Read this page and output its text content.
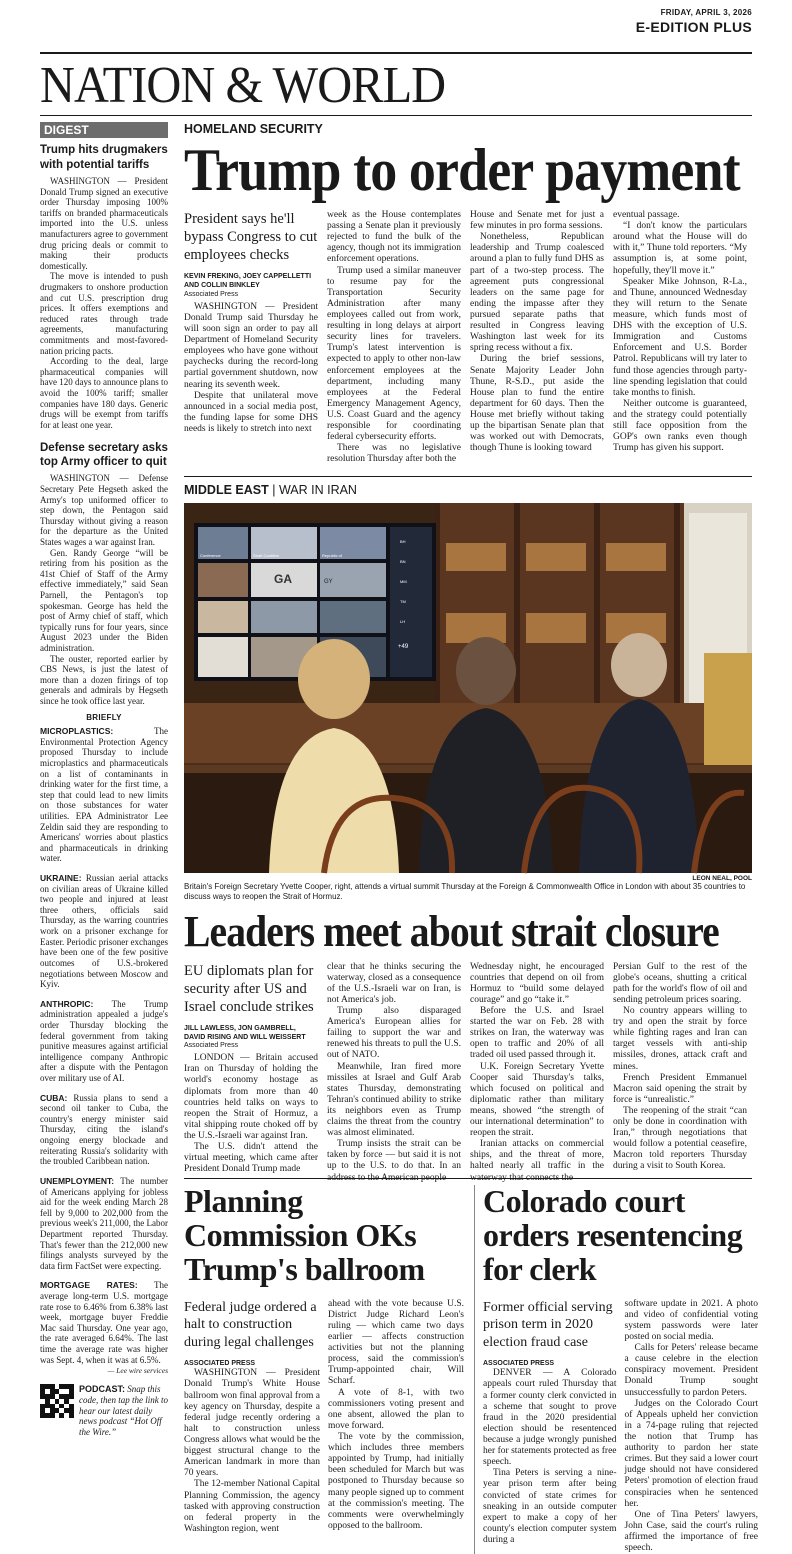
FRIDAY, APRIL 3, 2026
E-EDITION PLUS
NATION & WORLD
DIGEST
Trump hits drugmakers with potential tariffs

WASHINGTON — President Donald Trump signed an executive order Thursday imposing 100% tariffs on branded pharmaceuticals imported into the U.S. unless manufacturers agree to government drug pricing deals or commit to making their products domestically.

The move is intended to push drugmakers to onshore production and cut U.S. prescription drug prices. It offers exemptions and reduced rates through trade agreements, manufacturing commitments and most-favored-nation pricing pacts.

According to the deal, large pharmaceutical companies will have 120 days to announce plans to avoid the 100% tariff; smaller companies have 180 days. Generic drugs will be exempt from tariffs for at least one year.

Defense secretary asks top Army officer to quit

WASHINGTON — Defense Secretary Pete Hegseth asked the Army's top uniformed officer to step down, the Pentagon said Thursday without giving a reason for the departure as the United States wages a war against Iran.

Gen. Randy George “will be retiring from his position as the 41st Chief of Staff of the Army effective immediately,” said Sean Parnell, the Pentagon's top spokesman. George has held the post of Army chief of staff, which typically runs for four years, since August 2023 under the Biden administration.

The ouster, reported earlier by CBS News, is just the latest of more than a dozen firings of top generals and admirals by Hegseth since he took office last year.

BRIEFLY

MICROPLASTICS:	The Environmental Protection Agency proposed Thursday to include microplastics and pharmaceuticals on a list of contaminants in drinking water for the first time, a step that could lead to new limits on those substances for water utilities. EPA Administrator Lee Zeldin said they are responding to Americans' worries about plastics and pharmaceuticals in drinking water.

UKRAINE: Russian aerial attacks on civilian areas of Ukraine killed two people and injured at least three others, officials said Thursday, as the warring countries work on a prisoner exchange for Easter. Periodic prisoner exchanges have been one of the few positive outcomes of U.S.-brokered negotiations between Moscow and Kyiv.

ANTHROPIC: The Trump administration appealed a judge's order Thursday blocking the federal government from taking punitive measures against artificial intelligence company Anthropic after a dispute with the Pentagon over military use of AI.

CUBA: Russia plans to send a second oil tanker to Cuba, the country's energy minister said Thursday, citing the island's ongoing energy blockade and reiterating Russia's solidarity with the troubled Caribbean nation.

UNEMPLOYMENT: The number of Americans applying for jobless aid for the week ending March 28 fell by 9,000 to 202,000 from the previous week's 211,000, the Labor Department reported Thursday. That's fewer than the 212,000 new filings analysts surveyed by the data firm FactSet were expecting.

MORTGAGE RATES: The average long-term U.S. mortgage rate rose to 6.46% from 6.38% last week, mortgage buyer Freddie Mac said Thursday. One year ago, the rate averaged 6.64%. The last time the average rate was higher was Sept. 4, when it was at 6.5%.

— Lee wire services
PODCAST: Snap this code, then tap the link to hear our latest daily news podcast “Hot Off the Wire.”
HOMELAND SECURITY
Trump to order payment
President says he'll bypass Congress to cut employees checks
KEVIN FREKING, JOEY CAPPELLETTI AND COLLIN BINKLEY
Associated Press

WASHINGTON — President Donald Trump said Thursday he will soon sign an order to pay all Department of Homeland Security employees who have gone without paychecks during the record-long partial government shutdown, now nearing its seventh week.

Despite that unilateral move announced in a social media post, the funding lapse for some DHS needs is likely to stretch into next

week as the House contemplates passing a Senate plan it previously rejected to fund the bulk of the agency, though not its immigration enforcement operations.

Trump used a similar maneuver to resume pay for the Transportation Security Administration after many employees called out from work, resulting in long delays at airport security lines for travelers. Trump's latest intervention is expected to apply to other non-law enforcement employees at the department, including many employees at the Federal Emergency Management Agency, U.S. Coast Guard and the agency responsible for coordinating federal cybersecurity efforts.

There was no legislative resolution Thursday after both the

House and Senate met for just a few minutes in pro forma sessions.

Nonetheless, Republican leadership and Trump coalesced around a plan to fully fund DHS as part of a two-step process. The agreement puts congressional leaders on the same page for ending the impasse after they pursued separate paths that resulted in Congress leaving Washington last week for its spring recess without a fix.

During the brief sessions, Senate Majority Leader John Thune, R-S.D., put aside the House plan to fund the entire department for 60 days. Then the House met briefly without taking up the bipartisan Senate plan that was worked out with Democrats, though Thune is looking toward

eventual passage.

“I don't know the particulars around what the House will do with it,” Thune told reporters. “My assumption is, at some point, hopefully, they'll move it.”

Speaker Mike Johnson, R-La., and Thune, announced Wednesday they will return to the Senate measure, which funds most of DHS with the exception of U.S. Immigration and Customs Enforcement and U.S. Border Patrol. Republicans will try later to fund those agencies through party-line spending legislation that could take months to finish.

Neither outcome is guaranteed, and the strategy could potentially still face opposition from the GOP's own ranks even though Trump has given his support.

MIDDLE EAST | WAR IN IRAN
Conference	Strait Coalition	Republic of
GA	GY
BH
BN
MM
TM
LH
+49
LEON NEAL, POOL
Britain's Foreign Secretary Yvette Cooper, right, attends a virtual summit Thursday at the Foreign & Commonwealth Office in London with about 35 countries to discuss ways to reopen the Strait of Hormuz.
Leaders meet about strait closure
EU diplomats plan for security after US and Israel conclude strikes
JILL LAWLESS, JON GAMBRELL, DAVID RISING AND WILL WEISSERT
Associated Press

LONDON — Britain accused Iran on Thursday of holding the world's economy hostage as diplomats from more than 40 countries held talks on ways to reopen the Strait of Hormuz, a vital shipping route choked off by the U.S.-Israeli war against Iran.

The U.S. didn't attend the virtual meeting, which came after President Donald Trump made

clear that he thinks securing the waterway, closed as a consequence of the U.S.-Israeli war on Iran, is not America's job.

Trump also disparaged America's European allies for failing to support the war and renewed his threats to pull the U.S. out of NATO.

Meanwhile, Iran fired more missiles at Israel and Gulf Arab states Thursday, demonstrating Tehran's continued ability to strike its neighbors even as Trump claims the threat from the country was almost eliminated.

Trump insists the strait can be taken by force — but said it is not up to the U.S. to do that. In an address to the American people

Wednesday night, he encouraged countries that depend on oil from Hormuz to “build some delayed courage” and go “take it.”

Before the U.S. and Israel started the war on Feb. 28 with strikes on Iran, the waterway was open to traffic and 20% of all traded oil used passed through it.

U.K. Foreign Secretary Yvette Cooper said Thursday's talks, which focused on political and diplomatic rather than military means, showed “the strength of our international determination” to reopen the strait.

Iranian attacks on commercial ships, and the threat of more, halted nearly all traffic in the waterway that connects the

Persian Gulf to the rest of the globe's oceans, shutting a critical path for the world's flow of oil and sending petroleum prices soaring.

No country appears willing to try and open the strait by force while fighting rages and Iran can target vessels with anti-ship missiles, drones, attack craft and mines.

French President Emmanuel Macron said opening the strait by force is “unrealistic.”

The reopening of the strait “can only be done in coordination with Iran,” through negotiations that would follow a potential ceasefire, Macron told reporters Thursday during a visit to South Korea.

Planning Commission OKs Trump's ballroom
Federal judge ordered a halt to construction during legal challenges
ASSOCIATED PRESS

WASHINGTON — President Donald Trump's White House ballroom won final approval from a key agency on Thursday, despite a federal judge recently ordering a halt to construction unless Congress allows what would be the biggest structural change to the American landmark in more than 70 years.

The 12-member National Capital Planning Commission, the agency tasked with approving construction on federal property in the Washington region, went

ahead with the vote because U.S. District Judge Richard Leon's ruling — which came two days earlier — affects construction activities but not the planning process, said the commission's Trump-appointed chair, Will Scharf.

A vote of 8-1, with two commissioners voting present and one absent, allowed the plan to move forward.

The vote by the commission, which includes three members appointed by Trump, had initially been scheduled for March but was postponed to Thursday because so many people signed up to comment at the commission's meeting. The comments were overwhelmingly opposed to the ballroom.

Colorado court orders resentencing for clerk
Former official serving prison term in 2020 election fraud case
ASSOCIATED PRESS

DENVER — A Colorado appeals court ruled Thursday that a former county clerk convicted in a scheme that sought to prove fraud in the 2020 presidential election should be resentenced because a judge wrongly punished her for statements protected as free speech.

Tina Peters is serving a nine-year prison term after being convicted of state crimes for sneaking in an outside computer expert to make a copy of her county's election computer system during a

software update in 2021. A photo and video of confidential voting system passwords were later posted on social media.

Calls for Peters' release became a cause celebre in the election conspiracy movement. President Donald Trump sought unsuccessfully to pardon Peters.

Judges on the Colorado Court of Appeals upheld her conviction in a 74-page ruling that rejected the notion that Trump has authority to pardon her state crimes. But they said a lower court judge should not have considered Peters' promotion of election fraud conspiracies when he sentenced her.

One of Tina Peters' lawyers, John Case, said the court's ruling affirmed the importance of free speech.
